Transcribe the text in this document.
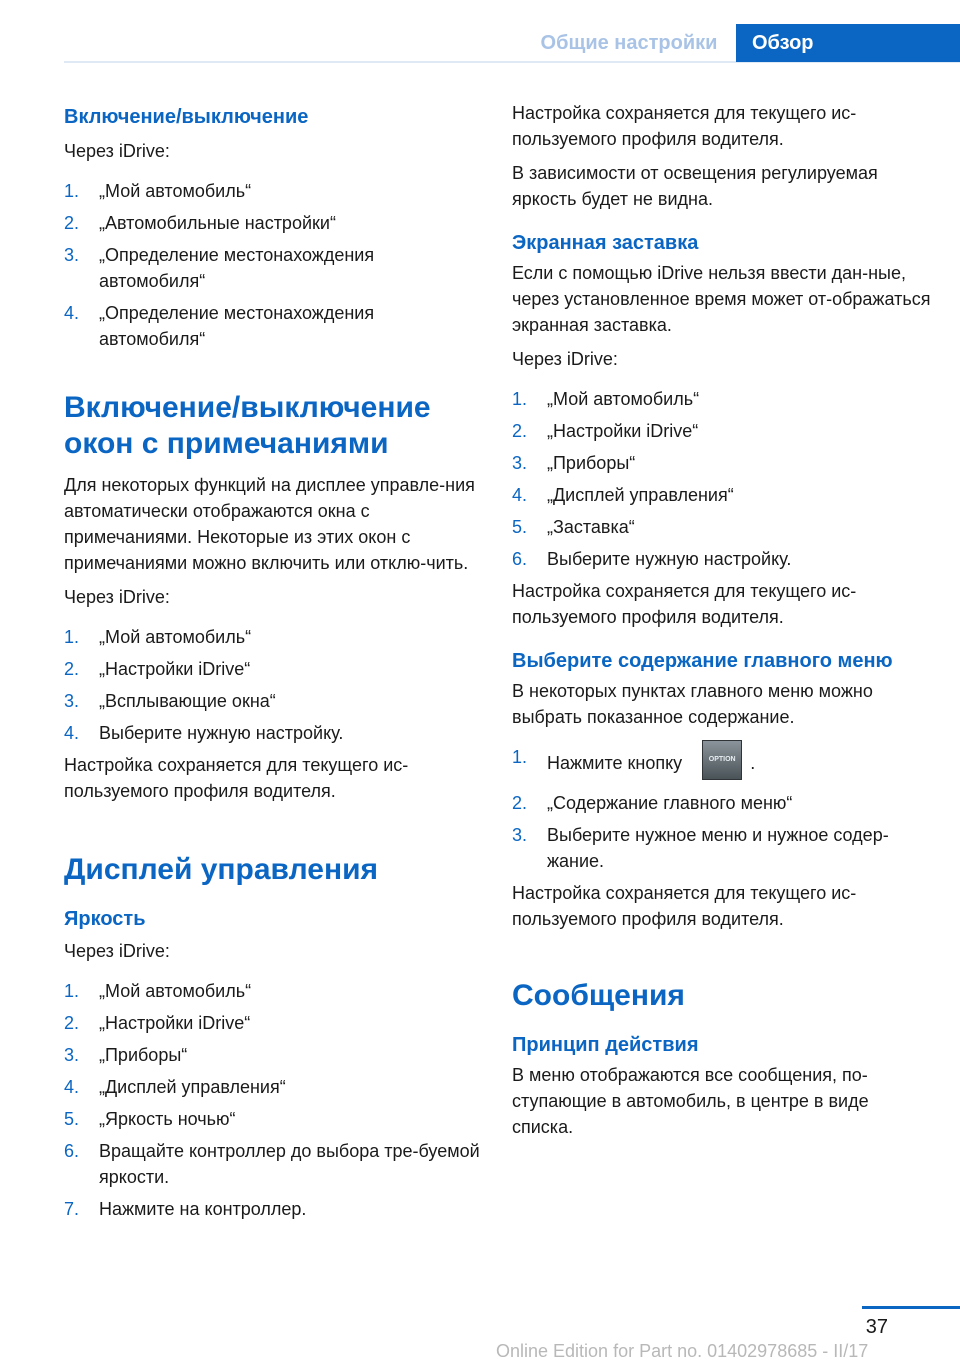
Общие настройки	Обзор
Включение/выключение

Через iDrive:

1. „Мой автомобиль“
2. „Автомобильные настройки“
3. „Определение местонахождения автомобиля“
4. „Определение местонахождения автомобиля“
Включение/выключение окон с примечаниями

Для некоторых функций на дисплее управле-ния автоматически отображаются окна с примечаниями. Некоторые из этих окон с примечаниями можно включить или отклю-чить.

Через iDrive:

1. „Мой автомобиль“
2. „Настройки iDrive“
3. „Всплывающие окна“
4. Выберите нужную настройку.

Настройка сохраняется для текущего ис-пользуемого профиля водителя.

Дисплей управления
Яркость

Через iDrive:

1. „Мой автомобиль“
2. „Настройки iDrive“
3. „Приборы“
4. „Дисплей управления“
5. „Яркость ночью“
6. Вращайте контроллер до выбора тре-буемой яркости.
7. Нажмите на контроллер.

Настройка сохраняется для текущего ис-пользуемого профиля водителя.

В зависимости от освещения регулируемая яркость будет не видна.

Экранная заставка

Если с помощью iDrive нельзя ввести дан-ные, через установленное время может от-ображаться экранная заставка.

Через iDrive:

1. „Мой автомобиль“
2. „Настройки iDrive“
3. „Приборы“
4. „Дисплей управления“
5. „Заставка“
6. Выберите нужную настройку.

Настройка сохраняется для текущего ис-пользуемого профиля водителя.

Выберите содержание главного меню

В некоторых пунктах главного меню можно выбрать показанное содержание.

1. Нажмите кнопку	OPTION .
2. „Содержание главного меню“
3. Выберите нужное меню и нужное содер-жание.

Настройка сохраняется для текущего ис-пользуемого профиля водителя.

Сообщения
Принцип действия

В меню отображаются все сообщения, по-ступающие в автомобиль, в центре в виде списка.

37
Online Edition for Part no. 01402978685 - II/17
